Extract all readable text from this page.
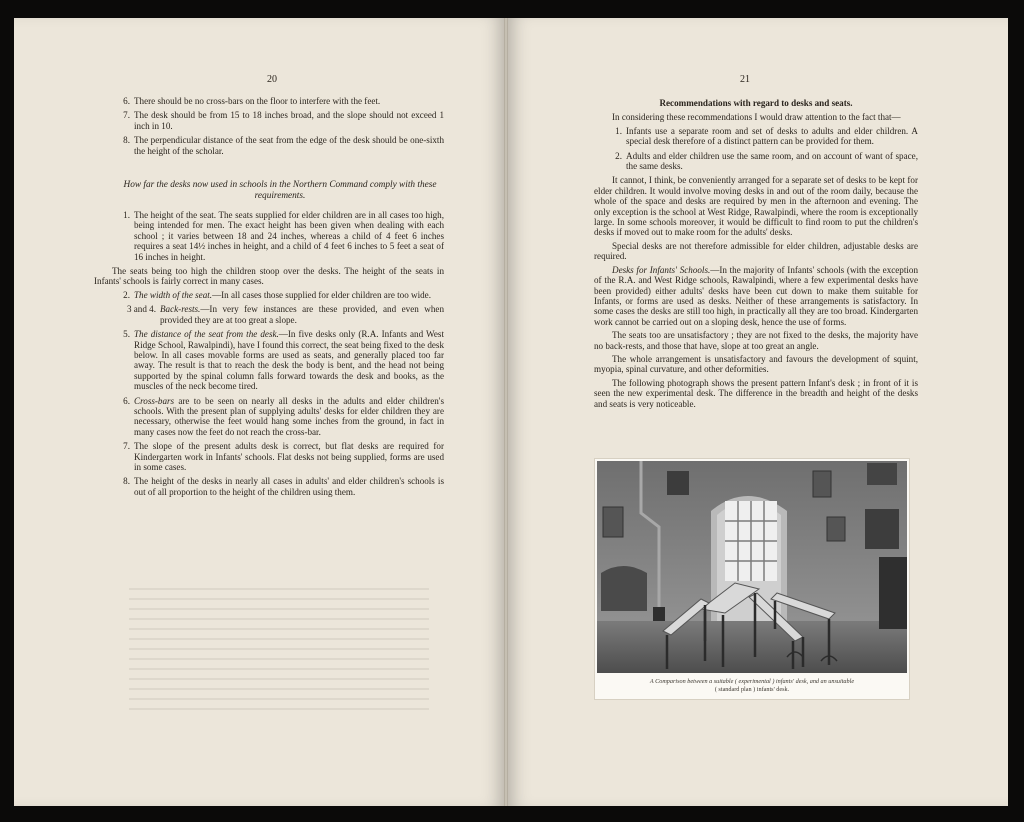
20
6. There should be no cross-bars on the floor to interfere with the feet.
7. The desk should be from 15 to 18 inches broad, and the slope should not exceed 1 inch in 10.
8. The perpendicular distance of the seat from the edge of the desk should be one-sixth the height of the scholar.
How far the desks now used in schools in the Northern Command comply with these requirements.
1. The height of the seat. The seats supplied for elder children are in all cases too high, being intended for men. The exact height has been given when dealing with each school ; it varies between 18 and 24 inches, whereas a child of 4 feet 6 inches requires a seat 14½ inches in height, and a child of 4 feet 6 inches to 5 feet a seat of 16 inches in height.

The seats being too high the children stoop over the desks. The height of the seats in Infants' schools is fairly correct in many cases.

2. The width of the seat.—In all cases those supplied for elder children are too wide.
3 and 4. Back-rests.—In very few instances are these provided, and even when provided they are at too great a slope.
5. The distance of the seat from the desk.—In five desks only (R.A. Infants and West Ridge School, Rawalpindi), have I found this correct, the seat being fixed to the desk below. In all cases movable forms are used as seats, and generally placed too far away. The result is that to reach the desk the body is bent, and the head not being supported by the spinal column falls forward towards the desk and books, as the muscles of the neck become tired.
6. Cross-bars are to be seen on nearly all desks in the adults and elder children's schools. With the present plan of supplying adults' desks for elder children they are necessary, otherwise the feet would hang some inches from the ground, in fact in many cases now the feet do not reach the cross-bar.
7. The slope of the present adults desk is correct, but flat desks are required for Kindergarten work in Infants' schools. Flat desks not being supplied, forms are used in some cases.
8. The height of the desks in nearly all cases in adults' and elder children's schools is out of all proportion to the height of the children using them.
21
Recommendations with regard to desks and seats.

In considering these recommendations I would draw attention to the fact that—

1. Infants use a separate room and set of desks to adults and elder children. A special desk therefore of a distinct pattern can be provided for them.
2. Adults and elder children use the same room, and on account of want of space, the same desks.

It cannot, I think, be conveniently arranged for a separate set of desks to be kept for elder children. It would involve moving desks in and out of the room daily, because the whole of the space and desks are required by men in the afternoon and evening. The only exception is the school at West Ridge, Rawalpindi, where the room is exceptionally large. In some schools moreover, it would be difficult to find room to put the children's desks if moved out to make room for the adults' desks.

Special desks are not therefore admissible for elder children, adjustable desks are required.

Desks for Infants' Schools.—In the majority of Infants' schools (with the exception of the R.A. and West Ridge schools, Rawalpindi, where a few experimental desks have been provided) either adults' desks have been cut down to make them suitable for Infants, or forms are used as desks. Neither of these arrangements is satisfactory. In some cases the desks are still too high, in practically all they are too broad. Kindergarten work cannot be carried out on a sloping desk, hence the use of forms.

The seats too are unsatisfactory ; they are not fixed to the desks, the majority have no back-rests, and those that have, slope at too great an angle.

The whole arrangement is unsatisfactory and favours the development of squint, myopia, spinal curvature, and other deformities.

The following photograph shows the present pattern Infant's desk ; in front of it is seen the new experimental desk. The difference in the breadth and height of the desks and seats is very noticeable.

A Comparison between a suitable ( experimental ) infants' desk, and an unsuitable
( standard plan ) infants' desk.
